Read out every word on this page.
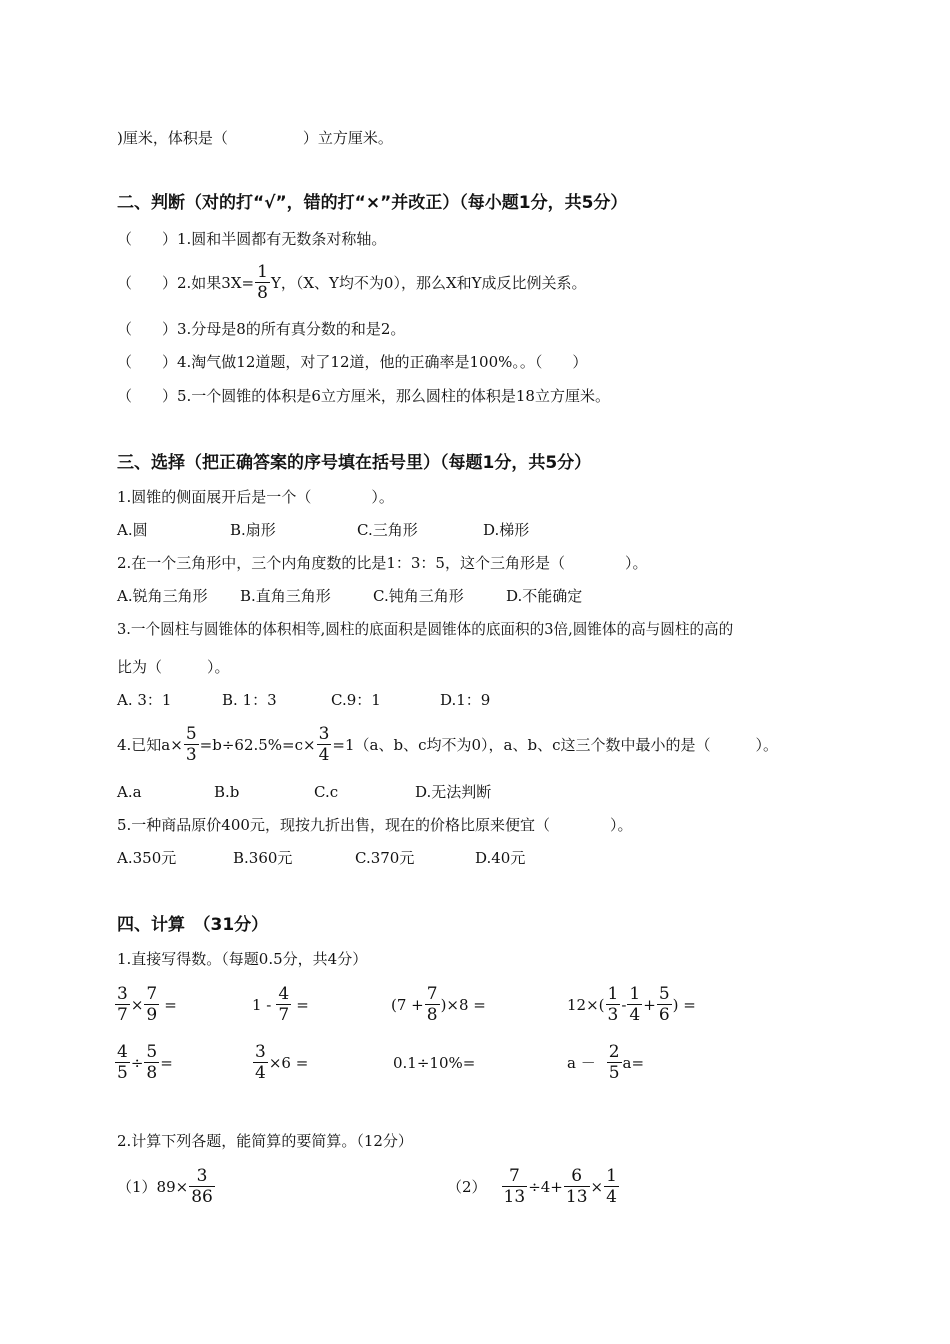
)厘米，体积是（　　　　　）立方厘米。
二、判断（对的打“√”，错的打“×”并改正）（每小题1分，共5分）
（　　）1.圆和半圆都有无数条对称轴。
（　　）2.如果$3X= \frac{1}{8}$ Y，（X、Y均不为0），那么X和Y成反比例关系。
（　　）3.分母是8的所有真分数的和是2。
（　　）4.淘气做12道题，对了12道，他的正确率是100%。。（　　）
（　　）5.一个圆锥的体积是6立方厘米，那么圆柱的体积是18立方厘米。
三、选择（把正确答案的序号填在括号里）（每题1分，共5分）
1.圆锥的侧面展开后是一个（　　　　）。
A.圆	B.扇形	C.三角形	D.梯形
2.在一个三角形中，三个内角度数的比是1：3：5，这个三角形是（　　　　）。
A.锐角三角形 B.直角三角形	C.钝角三角形	D.不能确定
3.一个圆柱与圆锥体的体积相等,圆柱的底面积是圆锥体的底面积的3倍,圆锥体的高与圆柱的高的
比为（　　　）。
A. 3：1	B. 1：3	C.9：1	D.1：9
4.已知$a\times \frac{5}{3} =b\div 62.5\%=c\times \frac{3}{4} =1(a$、b、c均不为0），a、b、c这三个数中最小的是（　　　）。
A.a	B.b	C.c	D.无法判断
5.一种商品原价400元，现按九折出售，现在的价格比原来便宜（　　　　）。
A.350元	B.360元	C.370元	D.40元
四、计算　（31分）
1.直接写得数。（每题0.5分，共4分）
$\frac{3}{7} \times \frac{7}{9}$ =	$1 - \frac{4}{7}$ =	$(7 + \frac{7}{8} )\times 8$ =	$12\times( \frac{1}{3} - \frac{1}{4} + \frac{5}{6}$ ) =
$\frac{4}{5} \div \frac{5}{8}$ =	$\frac{3}{4} \times 6$ =	0.1÷10%=	$a - \frac{2}{5} a=$
2.计算下列各题，能简算的要简算。（12分）
$(1)89\times \frac{3}{86}$	$(2) \frac{7}{13} \div 4+ \frac{6}{13} \times \frac{1}{4}$
